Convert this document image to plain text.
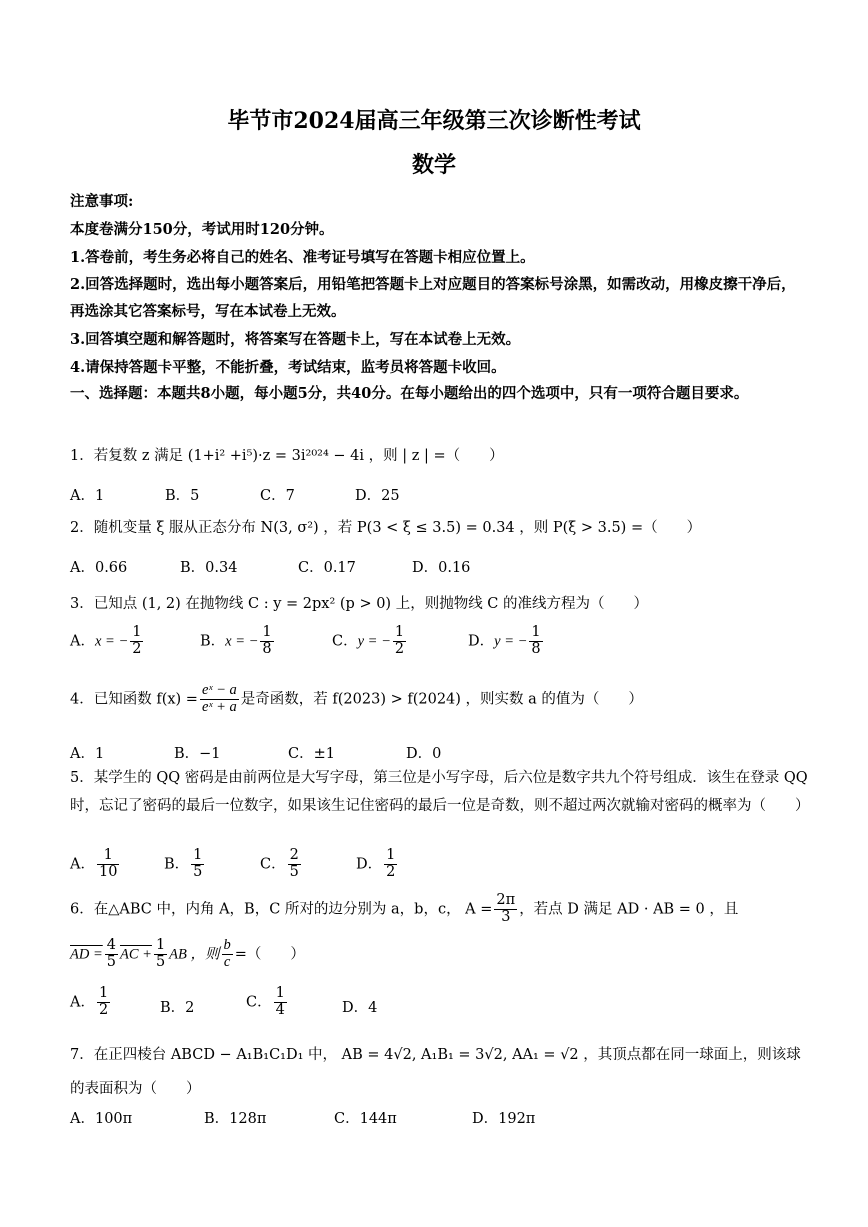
毕节市2024届高三年级第三次诊断性考试
数学
注意事项:
本度卷满分150分，考试用时120分钟。
1.答卷前，考生务必将自己的姓名、准考证号填写在答题卡相应位置上。
2.回答选择题时，选出每小题答案后，用铅笔把答题卡上对应题目的答案标号涂黑，如需改动，用橡皮擦干净后，再选涂其它答案标号，写在本试卷上无效。
3.回答填空题和解答题时，将答案写在答题卡上，写在本试卷上无效。
4.请保持答题卡平整，不能折叠，考试结束，监考员将答题卡收回。
一、选择题：本题共8小题，每小题5分，共40分。在每小题给出的四个选项中，只有一项符合题目要求。
1．若复数 z 满足 (1+i² +i⁵)·z = 3i²⁰²⁴ − 4i ，则 | z | =（　　）
A．1	B．5	C．7	D．25
2．随机变量 ξ 服从正态分布 N(3, σ²) ，若 P(3 < ξ ≤ 3.5) = 0.34 ，则 P(ξ > 3.5) =（　　）
A．0.66	B．0.34	C．0.17	D．0.16
3．已知点 (1, 2) 在抛物线 C : y = 2px² (p > 0) 上，则抛物线 C 的准线方程为（　　）
A．x = − $\frac{1}{2}$	B．x = − $\frac{1}{8}$	C．y = − $\frac{1}{2}$	D．y = − $\frac{1}{8}$
4．已知函数 $f(x) = \frac{\text{eˣ − a}}{\text{eˣ + a}}$ 是奇函数，若 f(2023) > f(2024) ，则实数 a 的值为（　　）
A．1	B．−1	C．±1	D．0
5．某学生的 QQ 密码是由前两位是大写字母，第三位是小写字母，后六位是数字共九个符号组成．该生在登录 QQ 时，忘记了密码的最后一位数字，如果该生记住密码的最后一位是奇数，则不超过两次就输对密码的概率为（　　）
A． $\frac{1}{10}$	B． $\frac{1}{5}$	C． $\frac{2}{5}$	D． $\frac{1}{2}$
6．在△ABC 中，内角 A，B，C 所对的边分别为 a，b，c， $A = \frac{2\pi}{3}$ ，若点 D 满足 AD · AB = 0 ，且
AD = $\frac{4}{5}$ AC + $\frac{1}{5}$ AB ，则 $\frac{b}{c}$ =（　　）
A． $\frac{1}{2}$	B．2	C． $\frac{1}{4}$	D．4
7．在正四棱台 ABCD − A₁B₁C₁D₁ 中， AB = 4√2, A₁B₁ = 3√2, AA₁ = √2 ，其顶点都在同一球面上，则该球的表面积为（　　）
A．100π	B．128π	C．144π	D．192π
